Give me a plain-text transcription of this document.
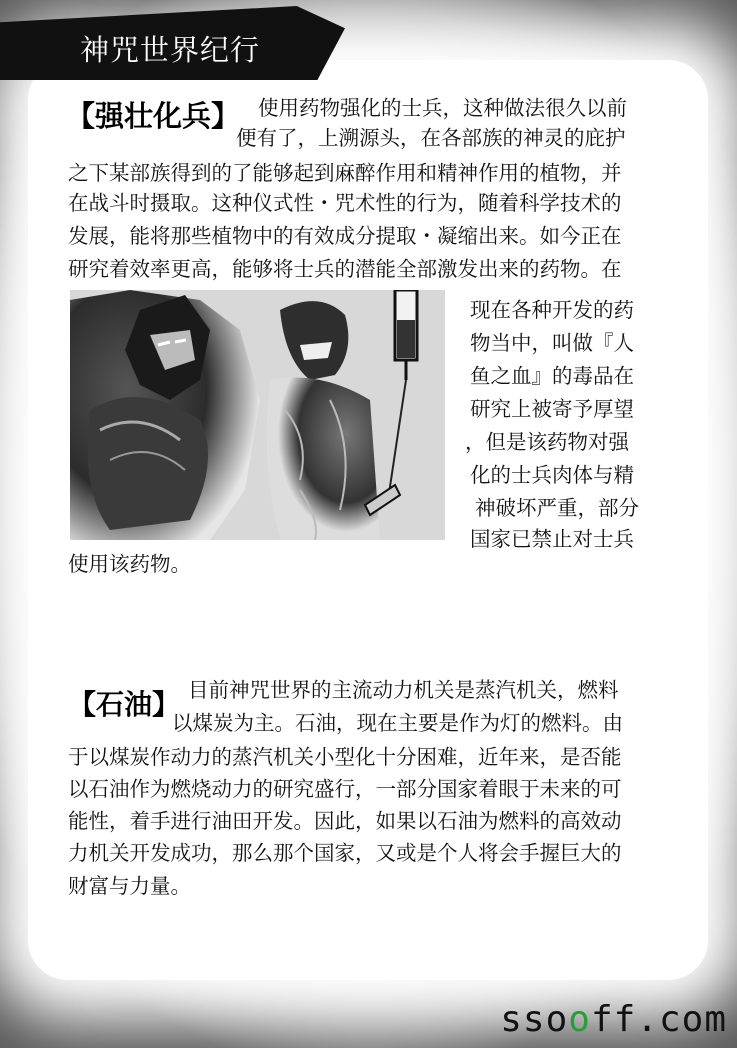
神咒世界纪行
【强壮化兵】 使用药物强化的士兵，这种做法很久以前
便有了，上溯源头，在各部族的神灵的庇护
之下某部族得到的了能够起到麻醉作用和精神作用的植物，并
在战斗时摄取。这种仪式性・咒术性的行为，随着科学技术的
发展，能将那些植物中的有效成分提取・凝缩出来。如今正在
研究着效率更高，能够将士兵的潜能全部激发出来的药物。在
现在各种开发的药
物当中，叫做『人
鱼之血』的毒品在
研究上被寄予厚望
，但是该药物对强
化的士兵肉体与精
神破坏严重，部分
国家已禁止对士兵
使用该药物。
【石油】 目前神咒世界的主流动力机关是蒸汽机关，燃料
以煤炭为主。石油，现在主要是作为灯的燃料。由
于以煤炭作动力的蒸汽机关小型化十分困难，近年来，是否能
以石油作为燃烧动力的研究盛行，一部分国家着眼于未来的可
能性，着手进行油田开发。因此，如果以石油为燃料的高效动
力机关开发成功，那么那个国家，又或是个人将会手握巨大的
财富与力量。
ssooff.com
